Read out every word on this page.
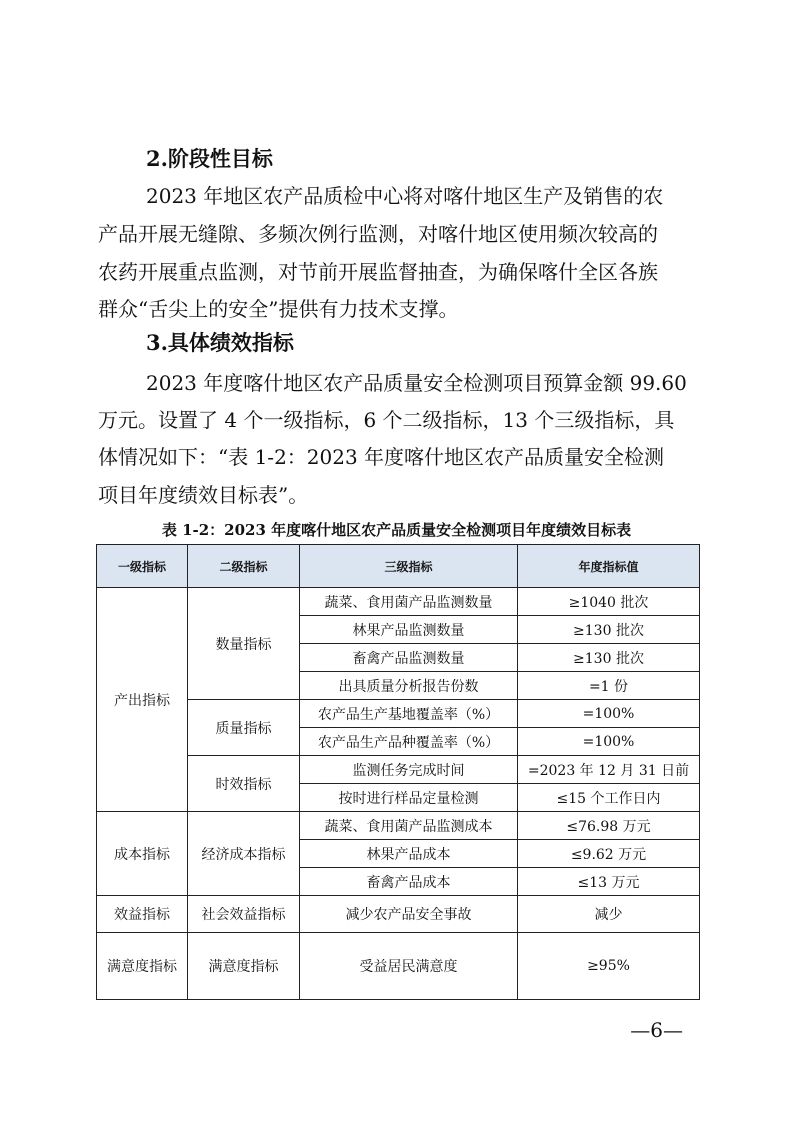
2.阶段性目标
2023 年地区农产品质检中心将对喀什地区生产及销售的农
产品开展无缝隙、多频次例行监测，对喀什地区使用频次较高的
农药开展重点监测，对节前开展监督抽查，为确保喀什全区各族
群众“舌尖上的安全”提供有力技术支撑。
3.具体绩效指标
2023 年度喀什地区农产品质量安全检测项目预算金额 99.60
万元。设置了 4 个一级指标，6 个二级指标，13 个三级指标，具
体情况如下：“表 1-2：2023 年度喀什地区农产品质量安全检测
项目年度绩效目标表”。
表 1-2：2023 年度喀什地区农产品质量安全检测项目年度绩效目标表
一级指标	二级指标	三级指标	年度指标值
产出指标	数量指标	蔬菜、食用菌产品监测数量	≥1040 批次
		林果产品监测数量	≥130 批次
		畜禽产品监测数量	≥130 批次
		出具质量分析报告份数	=1 份
	质量指标	农产品生产基地覆盖率（%）	=100%
		农产品生产品种覆盖率（%）	=100%
	时效指标	监测任务完成时间	=2023 年 12 月 31 日前
		按时进行样品定量检测	≤15 个工作日内
成本指标	经济成本指标	蔬菜、食用菌产品监测成本	≤76.98 万元
		林果产品成本	≤9.62 万元
		畜禽产品成本	≤13 万元
效益指标	社会效益指标	减少农产品安全事故	减少
满意度指标	满意度指标	受益居民满意度	≥95%
—6—
